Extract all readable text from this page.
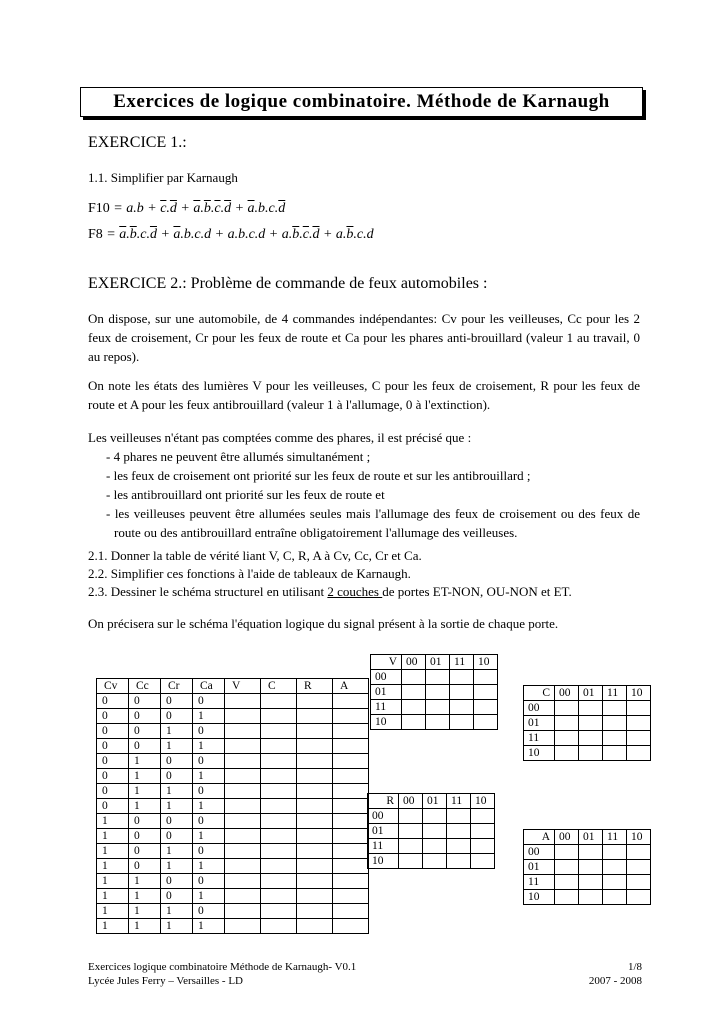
Exercices de logique combinatoire. Méthode de Karnaugh
EXERCICE 1.:
1.1. Simplifier par Karnaugh
$F10 = a.b + \overline{c}.\overline{d} + \overline{a}.\overline{b}.\overline{c}.\overline{d} + \overline{a}.b.c.\overline{d}$
$F8 = \overline{a}.\overline{b}.c.\overline{d} + \overline{a}.b.c.d + a.b.c.d + a.\overline{b}.\overline{c}.\overline{d} + a.\overline{b}.c.d$
EXERCICE 2.: Problème de commande de feux automobiles :
On dispose, sur une automobile, de 4 commandes indépendantes: Cv pour les veilleuses, Cc pour les 2 feux de croisement, Cr pour les feux de route et Ca pour les phares anti-brouillard (valeur 1 au travail, 0 au repos).
On note les états des lumières V pour les veilleuses, C pour les feux de croisement, R pour les feux de route et A pour les feux antibrouillard (valeur 1 à l'allumage, 0 à l'extinction).
Les veilleuses n'étant pas comptées comme des phares, il est précisé que :
- 4 phares ne peuvent être allumés simultanément ;
- les feux de croisement ont priorité sur les feux de route et sur les antibrouillard ;
- les antibrouillard ont priorité sur les feux de route et
- les veilleuses peuvent être allumées seules mais l'allumage des feux de croisement ou des feux de route ou des antibrouillard entraîne obligatoirement l'allumage des veilleuses.
2.1. Donner la table de vérité liant V, C, R, A à Cv, Cc, Cr et Ca.
2.2. Simplifier ces fonctions à l'aide de tableaux de Karnaugh.
2.3. Dessiner le schéma structurel en utilisant 2 couches de portes ET-NON, OU-NON et ET.
On précisera sur le schéma l'équation logique du signal présent à la sortie de chaque porte.
Cv	Cc	Cr	Ca	V	C	R	A
0	0	0	0				
0	0	0	1				
0	0	1	0				
0	0	1	1				
0	1	0	0				
0	1	0	1				
0	1	1	0				
0	1	1	1				
1	0	0	0				
1	0	0	1				
1	0	1	0				
1	0	1	1				
1	1	0	0				
1	1	0	1				
1	1	1	0				
1	1	1	1				
V	00	01	11	10
00				
01				
11				
10				
C	00	01	11	10
00				
01				
11				
10				
R	00	01	11	10
00				
01				
11				
10				
A	00	01	11	10
00				
01				
11				
10				
Exercices logique combinatoire Méthode de Karnaugh- V0.1
Lycée Jules Ferry – Versailles - LD
1/8
2007 - 2008
